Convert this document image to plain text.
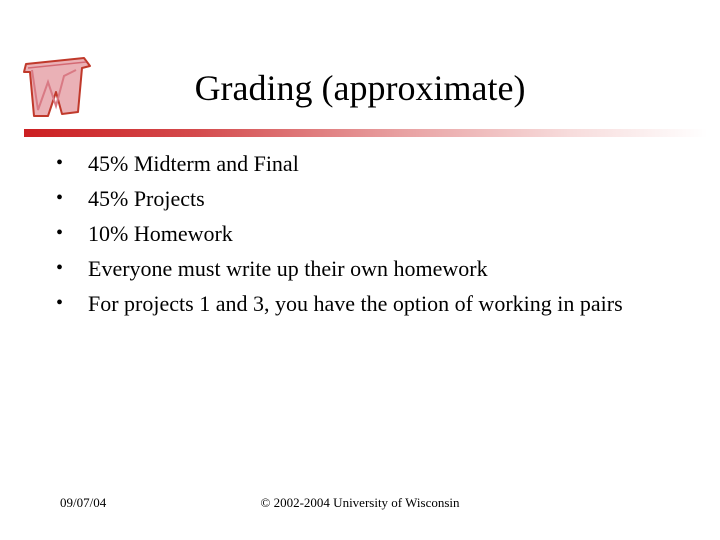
Grading (approximate)
• 45% Midterm and Final
• 45% Projects
• 10% Homework
• Everyone must write up their own homework
• For projects 1 and 3, you have the option of working in pairs
09/07/04	© 2002-2004 University of Wisconsin
